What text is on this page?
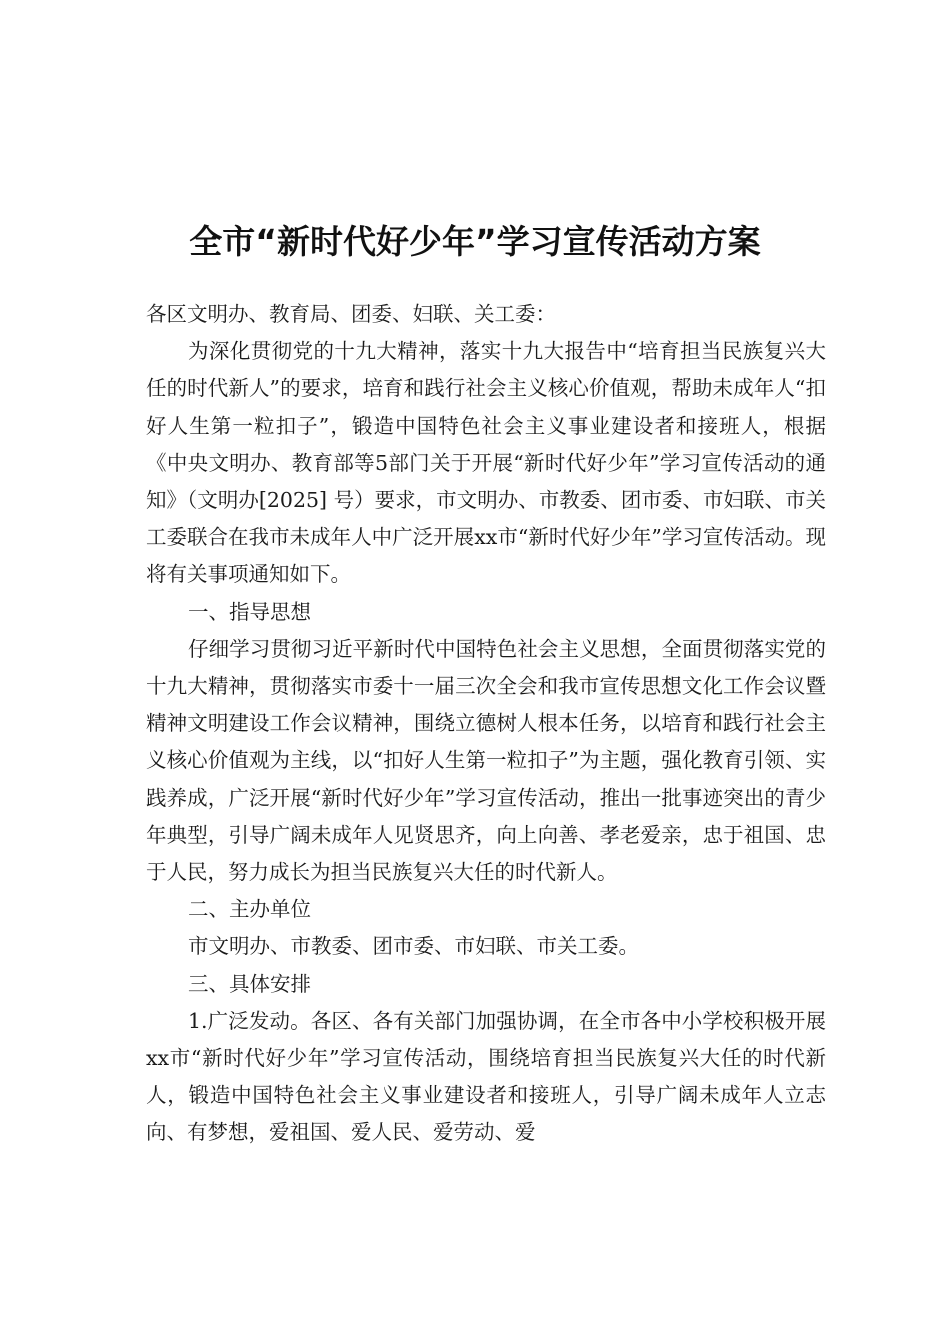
全市“新时代好少年”学习宣传活动方案

各区文明办、教育局、团委、妇联、关工委：

为深化贯彻党的十九大精神，落实十九大报告中“培育担当民族复兴大任的时代新人”的要求，培育和践行社会主义核心价值观，帮助未成年人“扣好人生第一粒扣子”，锻造中国特色社会主义事业建设者和接班人，根据《中央文明办、教育部等5部门关于开展“新时代好少年”学习宣传活动的通知》（文明办[2025] 号）要求，市文明办、市教委、团市委、市妇联、市关工委联合在我市未成年人中广泛开展xx市“新时代好少年”学习宣传活动。现将有关事项通知如下。

一、指导思想

仔细学习贯彻习近平新时代中国特色社会主义思想，全面贯彻落实党的十九大精神，贯彻落实市委十一届三次全会和我市宣传思想文化工作会议暨精神文明建设工作会议精神，围绕立德树人根本任务，以培育和践行社会主义核心价值观为主线，以“扣好人生第一粒扣子”为主题，强化教育引领、实践养成，广泛开展“新时代好少年”学习宣传活动，推出一批事迹突出的青少年典型，引导广阔未成年人见贤思齐，向上向善、孝老爱亲，忠于祖国、忠于人民，努力成长为担当民族复兴大任的时代新人。

二、主办单位

市文明办、市教委、团市委、市妇联、市关工委。

三、具体安排

1.广泛发动。各区、各有关部门加强协调，在全市各中小学校积极开展xx市“新时代好少年”学习宣传活动，围绕培育担当民族复兴大任的时代新人，锻造中国特色社会主义事业建设者和接班人，引导广阔未成年人立志向、有梦想，爱祖国、爱人民、爱劳动、爱
